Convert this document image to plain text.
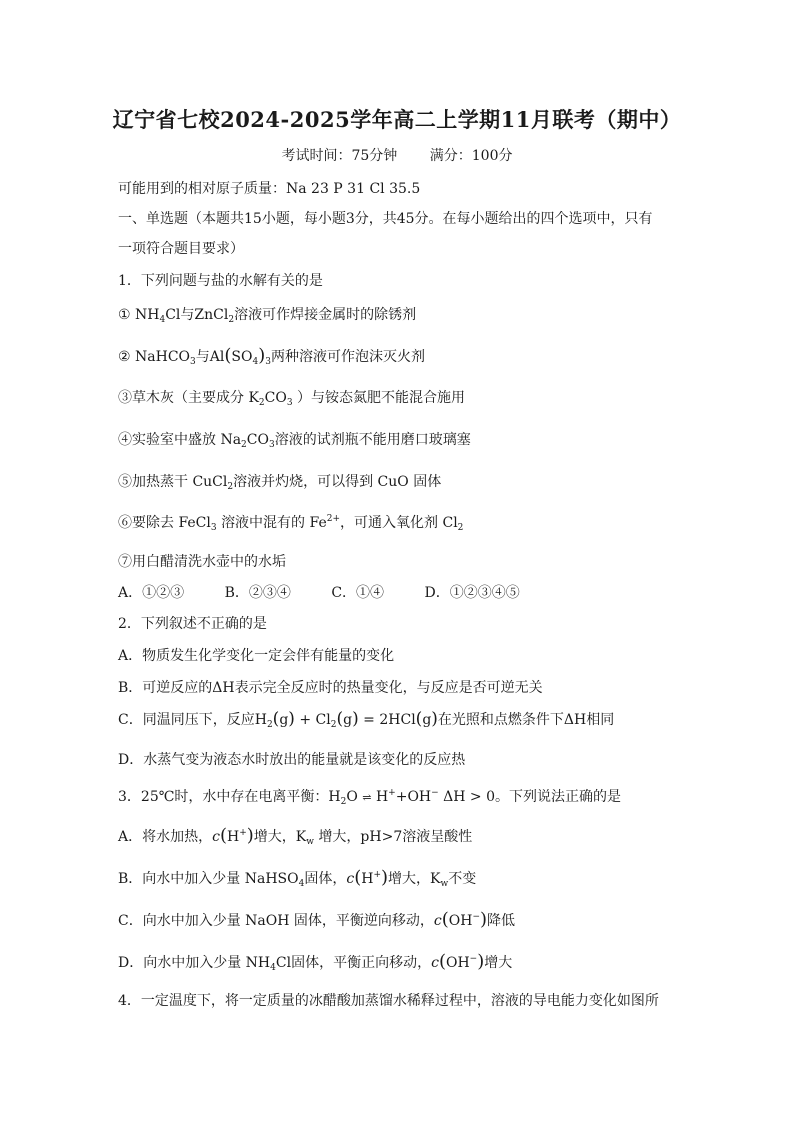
辽宁省七校2024-2025学年高二上学期11月联考（期中）
考试时间：75分钟 满分：100分
可能用到的相对原子质量：Na 23 P 31 Cl 35.5
一、单选题（本题共15小题，每小题3分，共45分。在每小题给出的四个选项中，只有
一项符合题目要求）
1．下列问题与盐的水解有关的是
① $NH_4Cl$与ZnCl$_2$溶液可作焊接金属时的除锈剂
② NaHCO$_3$与$Al(SO_4)_3$两种溶液可作泡沫灭火剂
③草木灰（主要成分 $K_2CO_3$ ）与铵态氮肥不能混合施用
④实验室中盛放 $Na_2CO_3$溶液的试剂瓶不能用磨口玻璃塞
⑤加热蒸干 CuCl$_2$溶液并灼烧，可以得到 CuO 固体
⑥要除去 FeCl$_3$ 溶液中混有的 $Fe^{2+}$，可通入氧化剂 $Cl_2$
⑦用白醋清洗水壶中的水垢
A．①②③	B．②③④	C．①④	D．①②③④⑤
2．下列叙述不正确的是
A．物质发生化学变化一定会伴有能量的变化
B．可逆反应的ΔH表示完全反应时的热量变化，与反应是否可逆无关
C．同温同压下，反应$H_2(g) + Cl_2(g) = 2HCl(g)$在光照和点燃条件下ΔH相同
D．水蒸气变为液态水时放出的能量就是该变化的反应热
3．25℃时，水中存在电离平衡：$H_2O$ ⇌ H++OH− ΔH > 0。下列说法正确的是
A．将水加热，c(H+)增大，$K_w$ 增大，pH>7溶液呈酸性
B．向水中加入少量 NaHSO$_4$固体，c(H+)增大，$K_w$不变
C．向水中加入少量 NaOH 固体，平衡逆向移动，c(OH−)降低
D．向水中加入少量 $NH_4Cl$固体，平衡正向移动，c(OH−)增大
4．一定温度下，将一定质量的冰醋酸加蒸馏水稀释过程中，溶液的导电能力变化如图所
